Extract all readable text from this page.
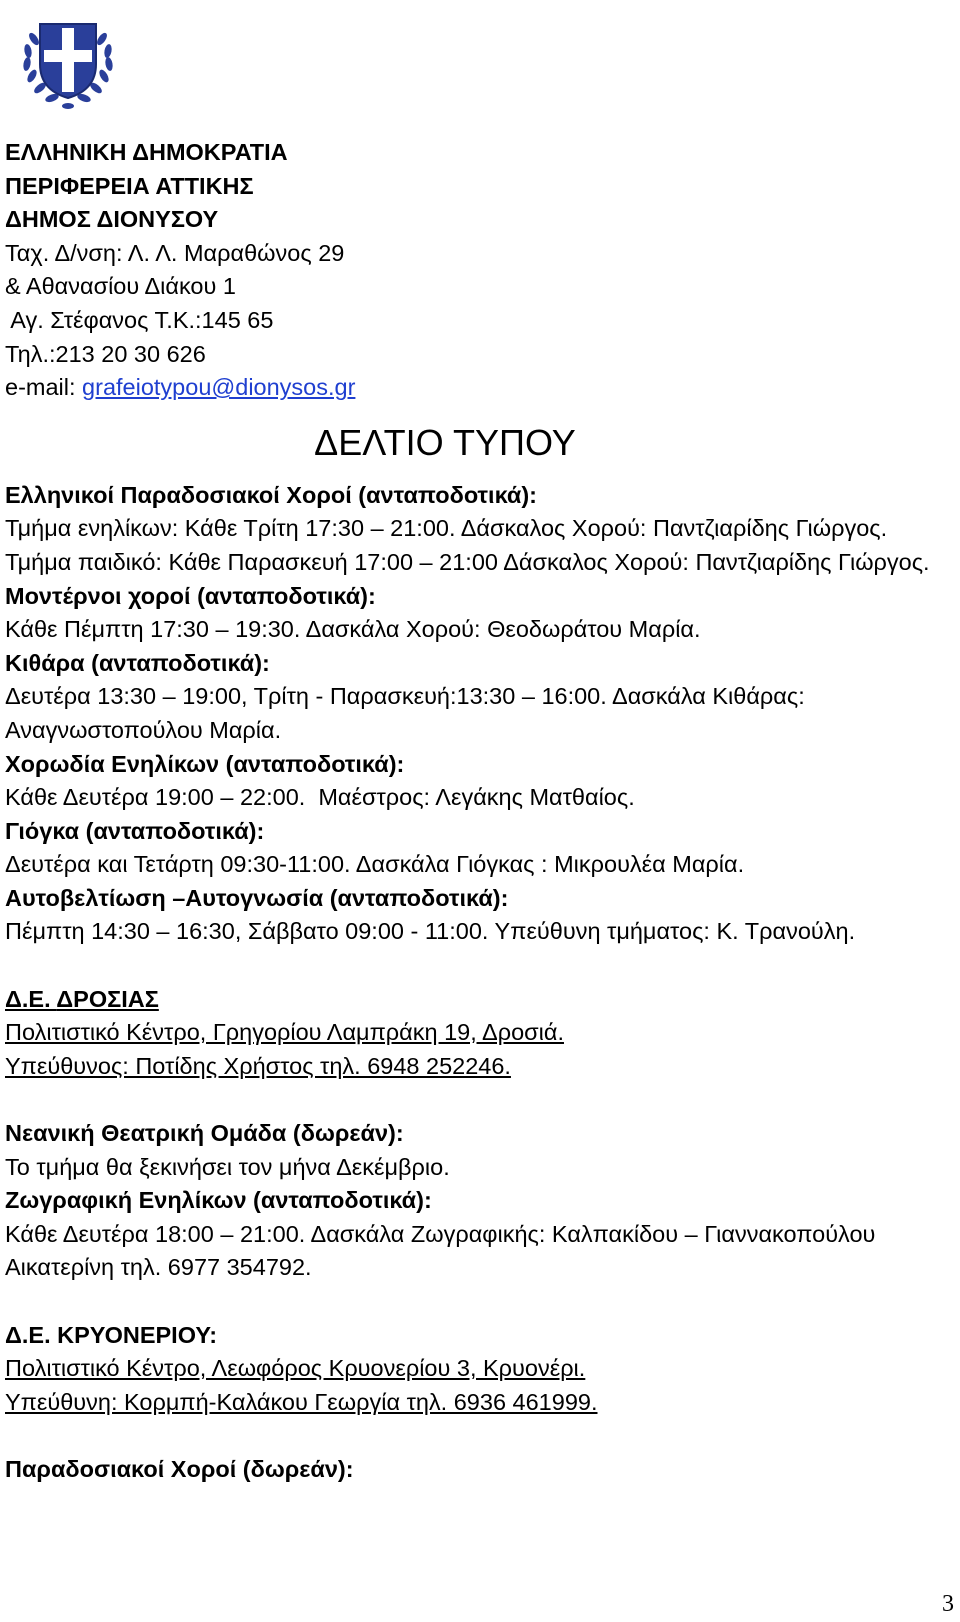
ΕΛΛΗΝΙΚΗ ΔΗΜΟΚΡΑΤΙΑ
ΠΕΡΙΦΕΡΕΙΑ ΑΤΤΙΚΗΣ
ΔΗΜΟΣ ΔΙΟΝΥΣΟΥ
Ταχ. Δ/νση: Λ. Λ. Μαραθώνος 29
& Αθανασίου Διάκου 1
Αγ. Στέφανος Τ.Κ.:145 65
Τηλ.:213 20 30 626
e-mail: grafeiotypou@dionysos.gr
ΔΕΛΤΙΟ ΤΥΠΟΥ
Ελληνικοί Παραδοσιακοί Χοροί (ανταποδοτικά):
Τμήμα ενηλίκων: Κάθε Τρίτη 17:30 – 21:00. Δάσκαλος Χορού: Παντζιαρίδης Γιώργος.
Τμήμα παιδικό: Κάθε Παρασκευή 17:00 – 21:00 Δάσκαλος Χορού: Παντζιαρίδης Γιώργος.
Μοντέρνοι χοροί (ανταποδοτικά):
Κάθε Πέμπτη 17:30 – 19:30. Δασκάλα Χορού: Θεοδωράτου Μαρία.
Κιθάρα (ανταποδοτικά):
Δευτέρα 13:30 – 19:00, Τρίτη - Παρασκευή:13:30 – 16:00. Δασκάλα Κιθάρας: Αναγνωστοπούλου Μαρία.
Χορωδία Ενηλίκων (ανταποδοτικά):
Κάθε Δευτέρα 19:00 – 22:00.  Μαέστρος: Λεγάκης Ματθαίος.
Γιόγκα (ανταποδοτικά):
Δευτέρα και Τετάρτη 09:30-11:00. Δασκάλα Γιόγκας : Μικρουλέα Μαρία.
Αυτοβελτίωση –Αυτογνωσία (ανταποδοτικά):
Πέμπτη 14:30 – 16:30, Σάββατο 09:00 - 11:00. Υπεύθυνη τμήματος: Κ. Τρανούλη.
Δ.Ε. ΔΡΟΣΙΑΣ
Πολιτιστικό Κέντρο, Γρηγορίου Λαμπράκη 19, Δροσιά.
Υπεύθυνος: Ποτίδης Χρήστος τηλ. 6948 252246.
Νεανική Θεατρική Ομάδα (δωρεάν):
Το τμήμα θα ξεκινήσει τον μήνα Δεκέμβριο.
Ζωγραφική Ενηλίκων (ανταποδοτικά):
Κάθε Δευτέρα 18:00 – 21:00. Δασκάλα Ζωγραφικής: Καλπακίδου – Γιαννακοπούλου Αικατερίνη τηλ. 6977 354792.
Δ.Ε. ΚΡΥΟΝΕΡΙΟΥ:
Πολιτιστικό Κέντρο, Λεωφόρος Κρυονερίου 3, Κρυονέρι.
Υπεύθυνη: Κορμπή-Καλάκου Γεωργία τηλ. 6936 461999.
Παραδοσιακοί Χοροί (δωρεάν):
3
